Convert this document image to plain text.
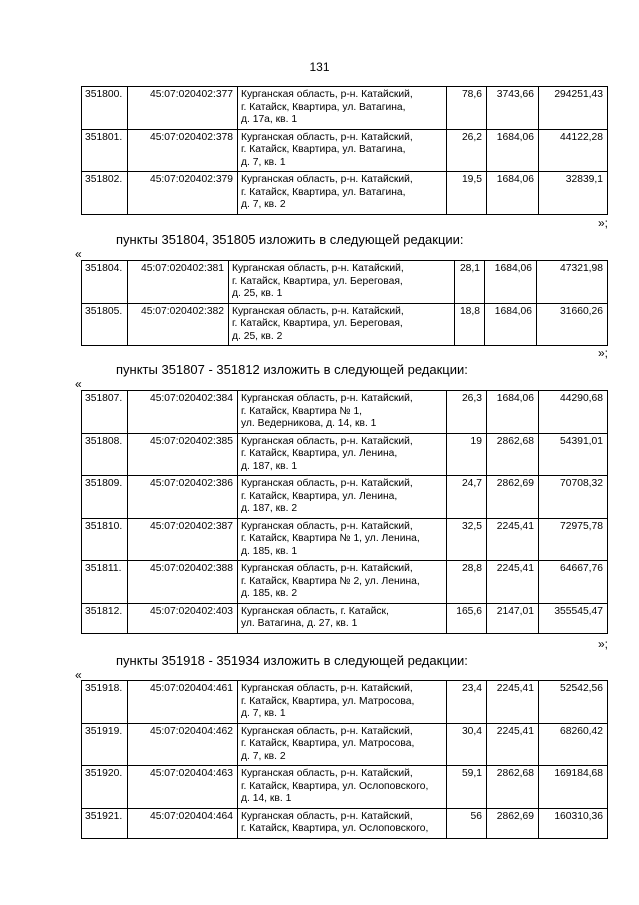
131
351800.	45:07:020402:377	Курганская область, р-н. Катайский,
г. Катайск, Квартира, ул. Ватагина,
д. 17а, кв. 1	78,6	3743,66	294251,43
351801.	45:07:020402:378	Курганская область, р-н. Катайский,
г. Катайск, Квартира, ул. Ватагина,
д. 7, кв. 1	26,2	1684,06	44122,28
351802.	45:07:020402:379	Курганская область, р-н. Катайский,
г. Катайск, Квартира, ул. Ватагина,
д. 7, кв. 2	19,5	1684,06	32839,1
»;
пункты 351804, 351805 изложить в следующей редакции:
«
351804.	45:07:020402:381	Курганская область, р-н. Катайский,
г. Катайск, Квартира, ул. Береговая,
д. 25, кв. 1	28,1	1684,06	47321,98
351805.	45:07:020402:382	Курганская область, р-н. Катайский,
г. Катайск, Квартира, ул. Береговая,
д. 25, кв. 2	18,8	1684,06	31660,26
»;
пункты 351807 - 351812 изложить в следующей редакции:
«
351807.	45:07:020402:384	Курганская область, р-н. Катайский,
г. Катайск, Квартира № 1,
ул. Ведерникова, д. 14, кв. 1	26,3	1684,06	44290,68
351808.	45:07:020402:385	Курганская область, р-н. Катайский,
г. Катайск, Квартира, ул. Ленина,
д. 187, кв. 1	19	2862,68	54391,01
351809.	45:07:020402:386	Курганская область, р-н. Катайский,
г. Катайск, Квартира, ул. Ленина,
д. 187, кв. 2	24,7	2862,69	70708,32
351810.	45:07:020402:387	Курганская область, р-н. Катайский,
г. Катайск, Квартира № 1, ул. Ленина,
д. 185, кв. 1	32,5	2245,41	72975,78
351811.	45:07:020402:388	Курганская область, р-н. Катайский,
г. Катайск, Квартира № 2, ул. Ленина,
д. 185, кв. 2	28,8	2245,41	64667,76
351812.	45:07:020402:403	Курганская область, г. Катайск,
ул. Ватагина, д. 27, кв. 1	165,6	2147,01	355545,47
»;
пункты 351918 - 351934 изложить в следующей редакции:
«
351918.	45:07:020404:461	Курганская область, р-н. Катайский,
г. Катайск, Квартира, ул. Матросова,
д. 7, кв. 1	23,4	2245,41	52542,56
351919.	45:07:020404:462	Курганская область, р-н. Катайский,
г. Катайск, Квартира, ул. Матросова,
д. 7, кв. 2	30,4	2245,41	68260,42
351920.	45:07:020404:463	Курганская область, р-н. Катайский,
г. Катайск, Квартира, ул. Ослоповского,
д. 14, кв. 1	59,1	2862,68	169184,68
351921.	45:07:020404:464	Курганская область, р-н. Катайский,
г. Катайск, Квартира, ул. Ослоповского,	56	2862,69	160310,36
